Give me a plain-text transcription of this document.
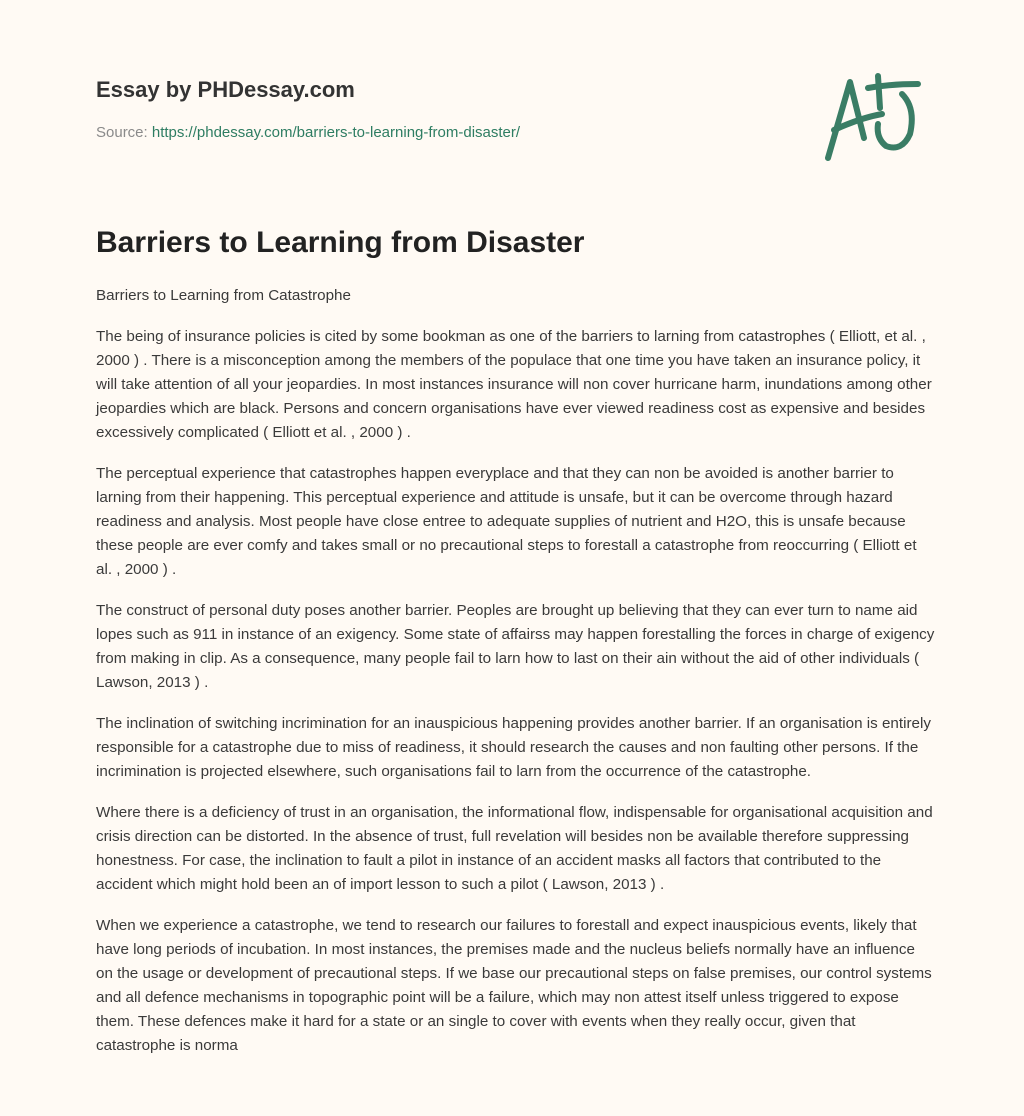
Essay by PHDessay.com
Source: https://phdessay.com/barriers-to-learning-from-disaster/
Barriers to Learning from Disaster

Barriers to Learning from Catastrophe

The being of insurance policies is cited by some bookman as one of the barriers to larning from catastrophes ( Elliott, et al. , 2000 ) . There is a misconception among the members of the populace that one time you have taken an insurance policy, it will take attention of all your jeopardies. In most instances insurance will non cover hurricane harm, inundations among other jeopardies which are black. Persons and concern organisations have ever viewed readiness cost as expensive and besides excessively complicated ( Elliott et al. , 2000 ) .

The perceptual experience that catastrophes happen everyplace and that they can non be avoided is another barrier to larning from their happening. This perceptual experience and attitude is unsafe, but it can be overcome through hazard readiness and analysis. Most people have close entree to adequate supplies of nutrient and H2O, this is unsafe because these people are ever comfy and takes small or no precautional steps to forestall a catastrophe from reoccurring ( Elliott et al. , 2000 ) .

The construct of personal duty poses another barrier. Peoples are brought up believing that they can ever turn to name aid lopes such as 911 in instance of an exigency. Some state of affairss may happen forestalling the forces in charge of exigency from making in clip. As a consequence, many people fail to larn how to last on their ain without the aid of other individuals ( Lawson, 2013 ) .

The inclination of switching incrimination for an inauspicious happening provides another barrier. If an organisation is entirely responsible for a catastrophe due to miss of readiness, it should research the causes and non faulting other persons. If the incrimination is projected elsewhere, such organisations fail to larn from the occurrence of the catastrophe.

Where there is a deficiency of trust in an organisation, the informational flow, indispensable for organisational acquisition and crisis direction can be distorted. In the absence of trust, full revelation will besides non be available therefore suppressing honestness. For case, the inclination to fault a pilot in instance of an accident masks all factors that contributed to the accident which might hold been an of import lesson to such a pilot ( Lawson, 2013 ) .

When we experience a catastrophe, we tend to research our failures to forestall and expect inauspicious events, likely that have long periods of incubation. In most instances, the premises made and the nucleus beliefs normally have an influence on the usage or development of precautional steps. If we base our precautional steps on false premises, our control systems and all defence mechanisms in topographic point will be a failure, which may non attest itself unless triggered to expose them. These defences make it hard for a state or an single to cover with events when they really occur, given that catastrophe is norma
